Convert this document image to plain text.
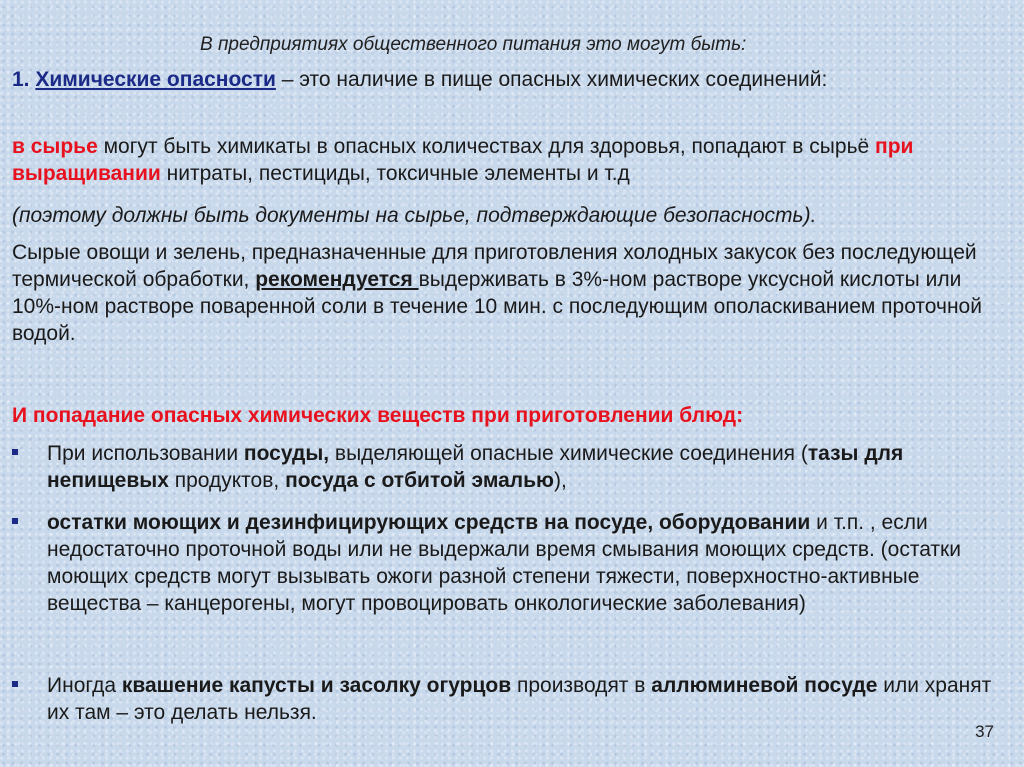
В предприятиях общественного питания это могут быть:

1. Химические опасности – это наличие в пище опасных химических соединений:

в сырье могут быть химикаты в опасных количествах для здоровья, попадают в сырьё при выращивании нитраты, пестициды, токсичные элементы и т.д

(поэтому должны быть документы на сырье, подтверждающие безопасность).

Сырые овощи и зелень, предназначенные для приготовления холодных закусок без последующей термической обработки, рекомендуется выдерживать в 3%-ном растворе уксусной кислоты или 10%-ном растворе поваренной соли в течение 10 мин. с последующим ополаскиванием проточной водой.

И попадание опасных химических веществ при приготовлении блюд:

При использовании посуды, выделяющей опасные химические соединения (тазы для непищевых продуктов, посуда с отбитой эмалью),

остатки моющих и дезинфицирующих средств на посуде, оборудовании и т.п. , если недостаточно проточной воды или не выдержали время смывания моющих средств. (остатки моющих средств могут вызывать ожоги разной степени тяжести, поверхностно-активные вещества – канцерогены, могут провоцировать онкологические заболевания)

Иногда квашение капусты и засолку огурцов производят в аллюминевой посуде или хранят их там – это делать нельзя.

37
